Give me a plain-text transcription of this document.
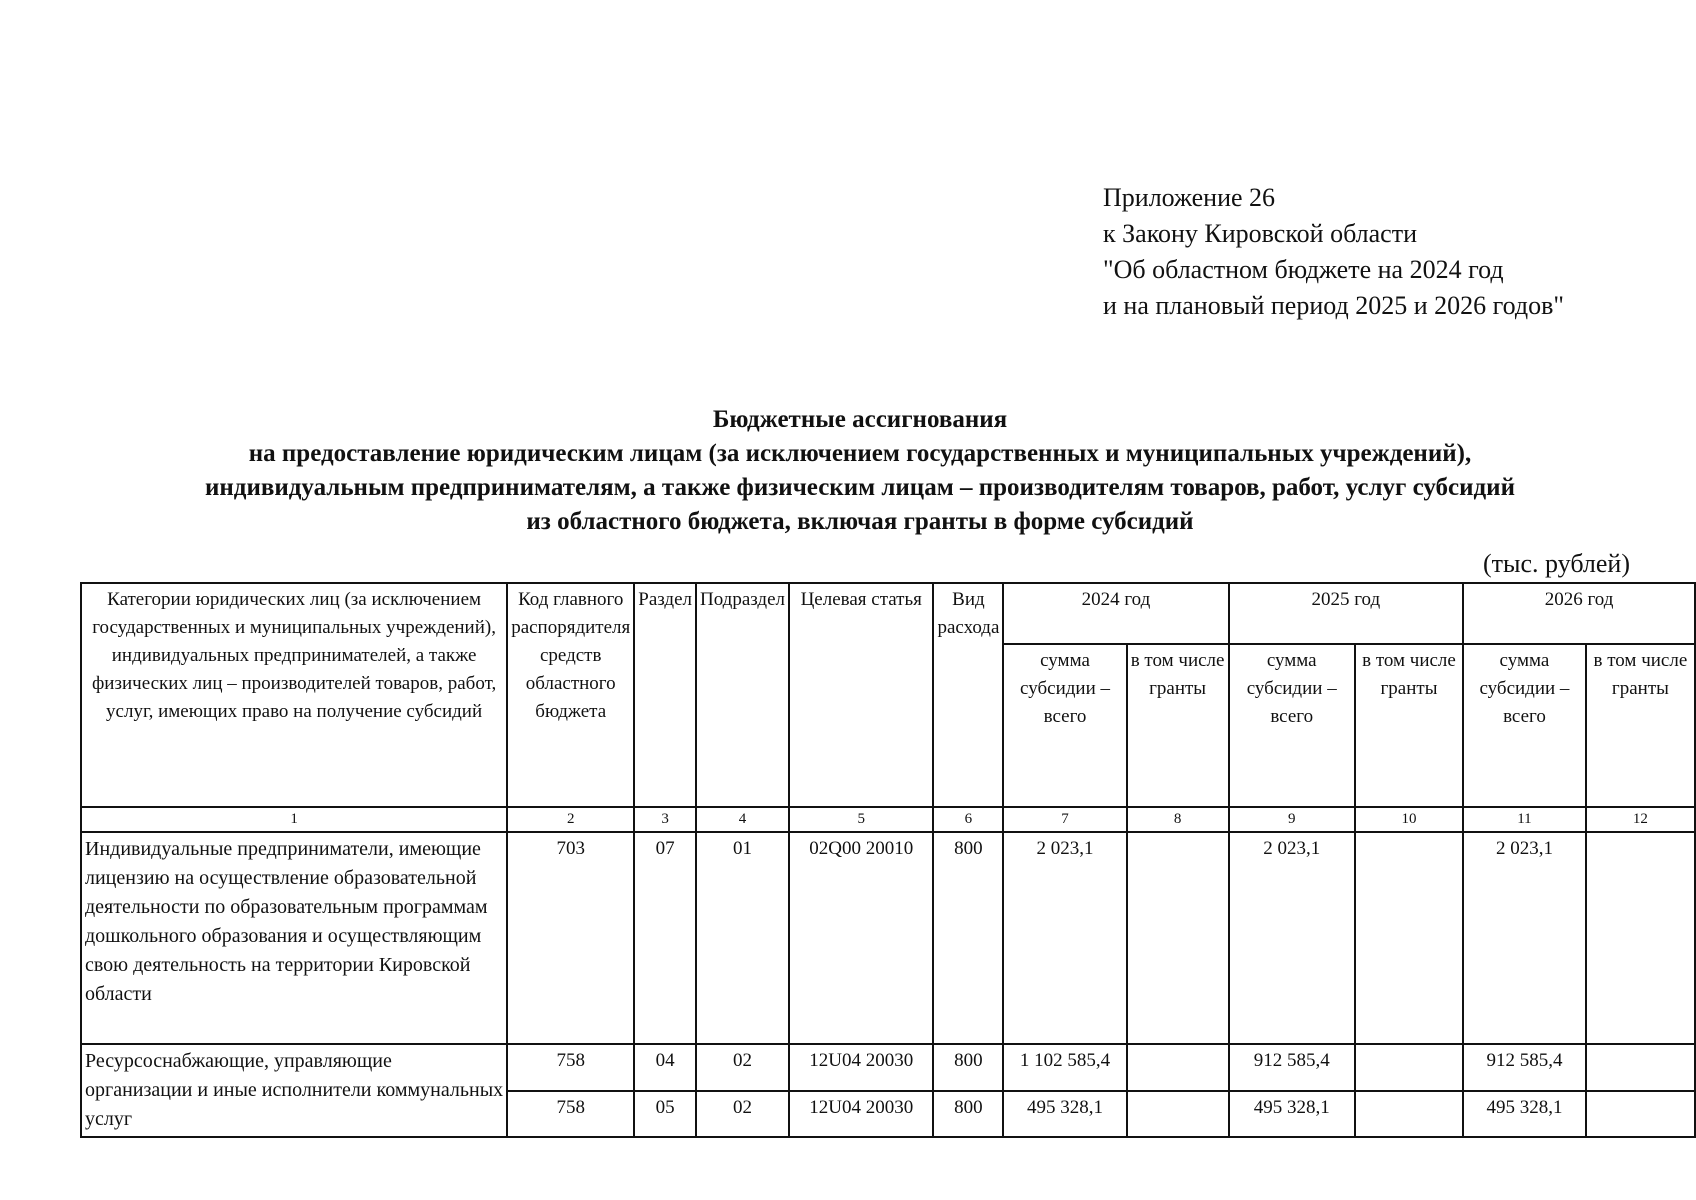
Приложение 26
к Закону Кировской области
"Об областном бюджете на 2024 год
и на плановый период 2025 и 2026 годов"
Бюджетные ассигнования
на предоставление юридическим лицам (за исключением государственных и муниципальных учреждений),
индивидуальным предпринимателям, а также физическим лицам – производителям товаров, работ, услуг субсидий
из областного бюджета, включая гранты в форме субсидий
(тыс. рублей)
Категории юридических лиц (за исключением государственных и муниципальных учреждений), индивидуальных предпринимателей, а также физических лиц – производителей товаров, работ, услуг, имеющих право на получение субсидий	Код главного распорядителя средств областного бюджета	Раздел	Подраздел	Целевая статья	Вид расхода	2024 год		2025 год		2026 год	
						сумма субсидии – всего	в том числе гранты	сумма субсидии – всего	в том числе гранты	сумма субсидии – всего	в том числе гранты
1	2	3	4	5	6	7	8	9	10	11	12
Индивидуальные предприниматели, имеющие лицензию на осуществление образовательной деятельности по образовательным программам дошкольного образования и осуществляющим свою деятельность на территории Кировской области	703	07	01	02Q00 20010	800	2 023,1		2 023,1		2 023,1	
Ресурсоснабжающие, управляющие организации и иные исполнители коммунальных услуг	758	04	02	12U04 20030	800	1 102 585,4		912 585,4		912 585,4	
	758	05	02	12U04 20030	800	495 328,1		495 328,1		495 328,1	
